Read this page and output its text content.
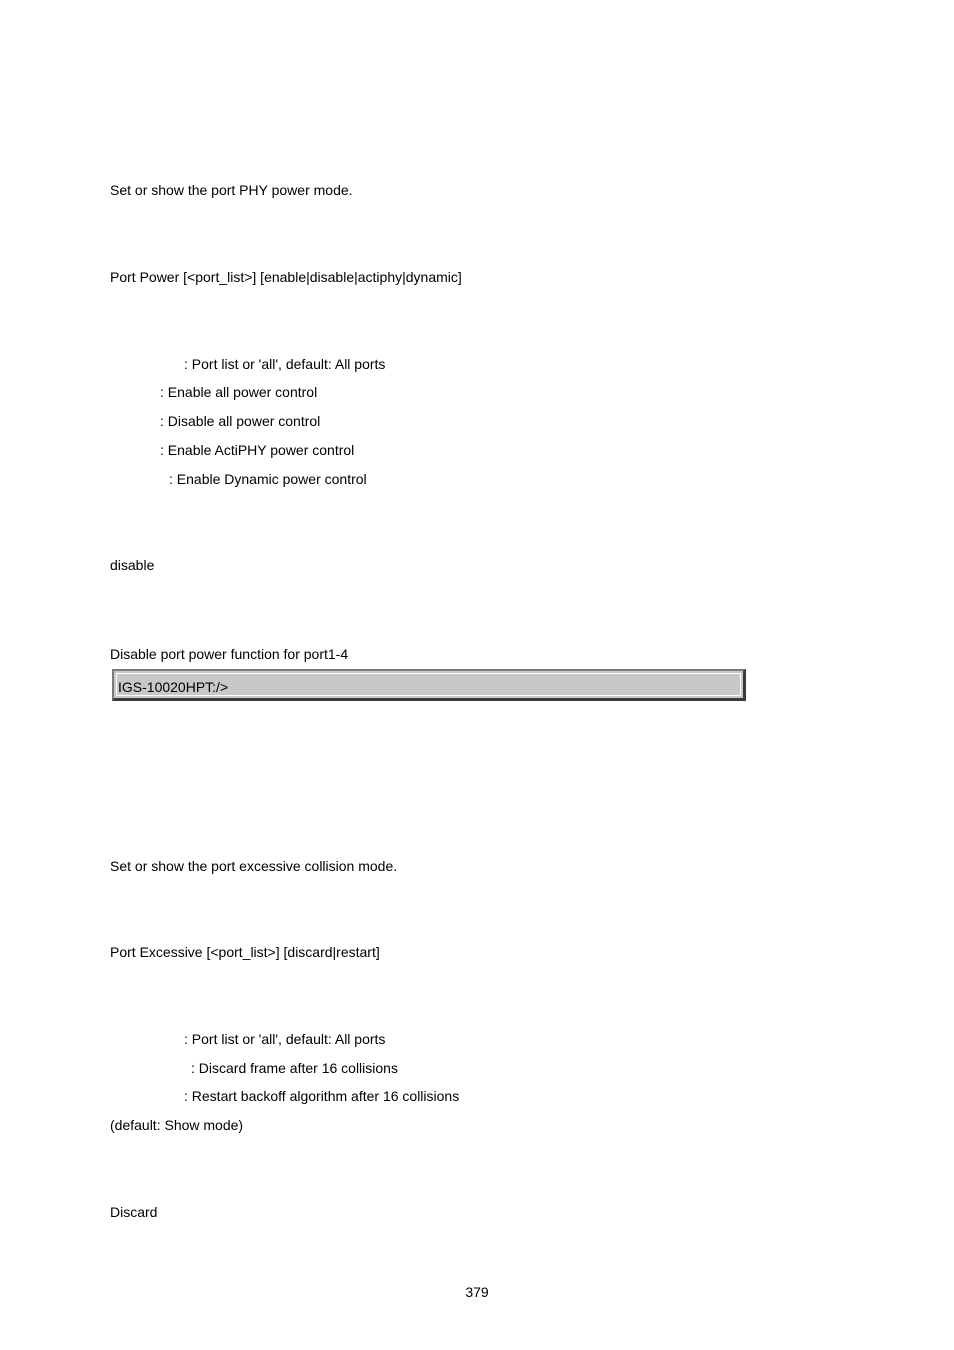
Set or show the port PHY power mode.
Port Power [<port_list>] [enable|disable|actiphy|dynamic]
: Port list or 'all', default: All ports
: Enable all power control
: Disable all power control
: Enable ActiPHY power control
: Enable Dynamic power control
disable
Disable port power function for port1-4
IGS-10020HPT:/>
Set or show the port excessive collision mode.
Port Excessive [<port_list>] [discard|restart]
: Port list or 'all', default: All ports
: Discard frame after 16 collisions
: Restart backoff algorithm after 16 collisions
(default: Show mode)
Discard
379
